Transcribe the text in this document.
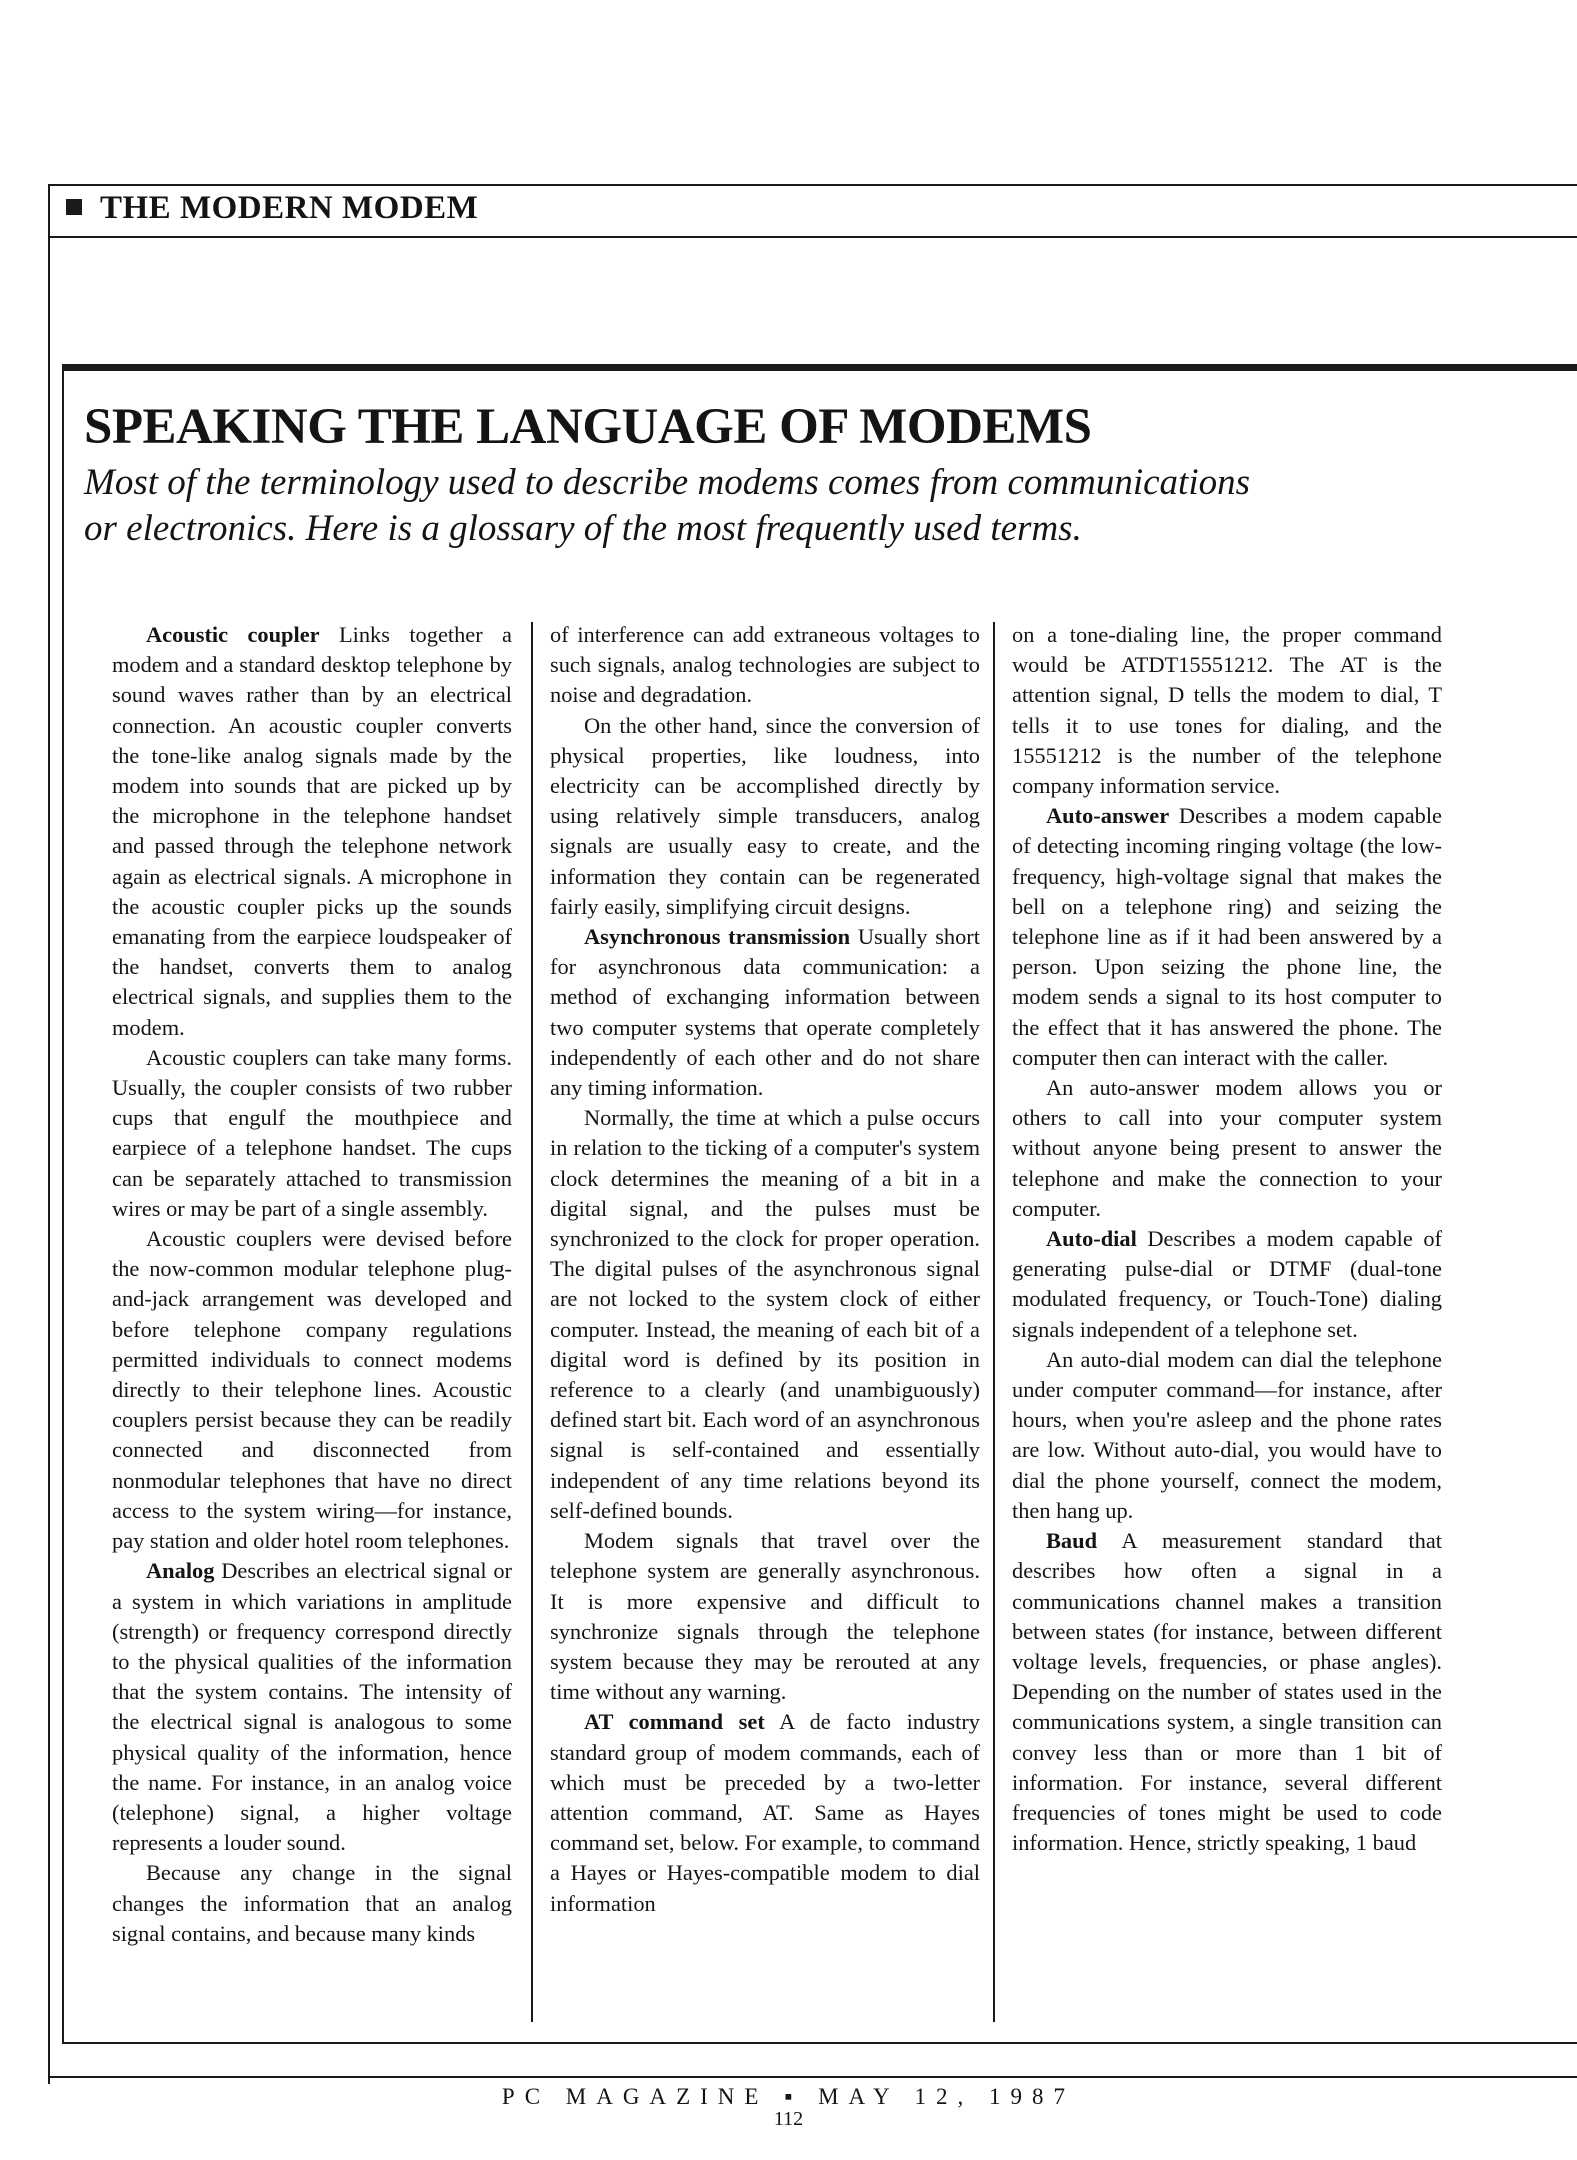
THE MODERN MODEM
SPEAKING THE LANGUAGE OF MODEMS
Most of the terminology used to describe modems comes from communications
or electronics. Here is a glossary of the most frequently used terms.

Acoustic coupler Links together a modem and a standard desktop telephone by sound waves rather than by an electrical connection. An acoustic coupler converts the tone-like analog signals made by the modem into sounds that are picked up by the microphone in the telephone handset and passed through the telephone network again as electrical signals. A microphone in the acoustic coupler picks up the sounds emanating from the earpiece loudspeaker of the handset, converts them to analog electrical signals, and supplies them to the modem.

Acoustic couplers can take many forms. Usually, the coupler consists of two rubber cups that engulf the mouthpiece and earpiece of a telephone handset. The cups can be separately attached to transmission wires or may be part of a single assembly.

Acoustic couplers were devised before the now-common modular telephone plug-and-jack arrangement was developed and before telephone company regulations permitted individuals to connect modems directly to their telephone lines. Acoustic couplers persist because they can be readily connected and disconnected from nonmodular telephones that have no direct access to the system wiring—for instance, pay station and older hotel room telephones.

Analog Describes an electrical signal or a system in which variations in amplitude (strength) or frequency correspond directly to the physical qualities of the information that the system contains. The intensity of the electrical signal is analogous to some physical quality of the information, hence the name. For instance, in an analog voice (telephone) signal, a higher voltage represents a louder sound.

Because any change in the signal changes the information that an analog signal contains, and because many kinds

of interference can add extraneous voltages to such signals, analog technologies are subject to noise and degradation.

On the other hand, since the conversion of physical properties, like loudness, into electricity can be accomplished directly by using relatively simple transducers, analog signals are usually easy to create, and the information they contain can be regenerated fairly easily, simplifying circuit designs.

Asynchronous transmission Usually short for asynchronous data communication: a method of exchanging information between two computer systems that operate completely independently of each other and do not share any timing information.

Normally, the time at which a pulse occurs in relation to the ticking of a computer's system clock determines the meaning of a bit in a digital signal, and the pulses must be synchronized to the clock for proper operation. The digital pulses of the asynchronous signal are not locked to the system clock of either computer. Instead, the meaning of each bit of a digital word is defined by its position in reference to a clearly (and unambiguously) defined start bit. Each word of an asynchronous signal is self-contained and essentially independent of any time relations beyond its self-defined bounds.

Modem signals that travel over the telephone system are generally asynchronous. It is more expensive and difficult to synchronize signals through the telephone system because they may be rerouted at any time without any warning.

AT command set A de facto industry standard group of modem commands, each of which must be preceded by a two-letter attention command, AT. Same as Hayes command set, below. For example, to command a Hayes or Hayes-compatible modem to dial information

on a tone-dialing line, the proper command would be ATDT15551212. The AT is the attention signal, D tells the modem to dial, T tells it to use tones for dialing, and the 15551212 is the number of the telephone company information service.

Auto-answer Describes a modem capable of detecting incoming ringing voltage (the low-frequency, high-voltage signal that makes the bell on a telephone ring) and seizing the telephone line as if it had been answered by a person. Upon seizing the phone line, the modem sends a signal to its host computer to the effect that it has answered the phone. The computer then can interact with the caller.

An auto-answer modem allows you or others to call into your computer system without anyone being present to answer the telephone and make the connection to your computer.

Auto-dial Describes a modem capable of generating pulse-dial or DTMF (dual-tone modulated frequency, or Touch-Tone) dialing signals independent of a telephone set.

An auto-dial modem can dial the telephone under computer command—for instance, after hours, when you're asleep and the phone rates are low. Without auto-dial, you would have to dial the phone yourself, connect the modem, then hang up.

Baud A measurement standard that describes how often a signal in a communications channel makes a transition between states (for instance, between different voltage levels, frequencies, or phase angles). Depending on the number of states used in the communications system, a single transition can convey less than or more than 1 bit of information. For instance, several different frequencies of tones might be used to code information. Hence, strictly speaking, 1 baud

PC MAGAZINE ▪ MAY 12, 1987
112
